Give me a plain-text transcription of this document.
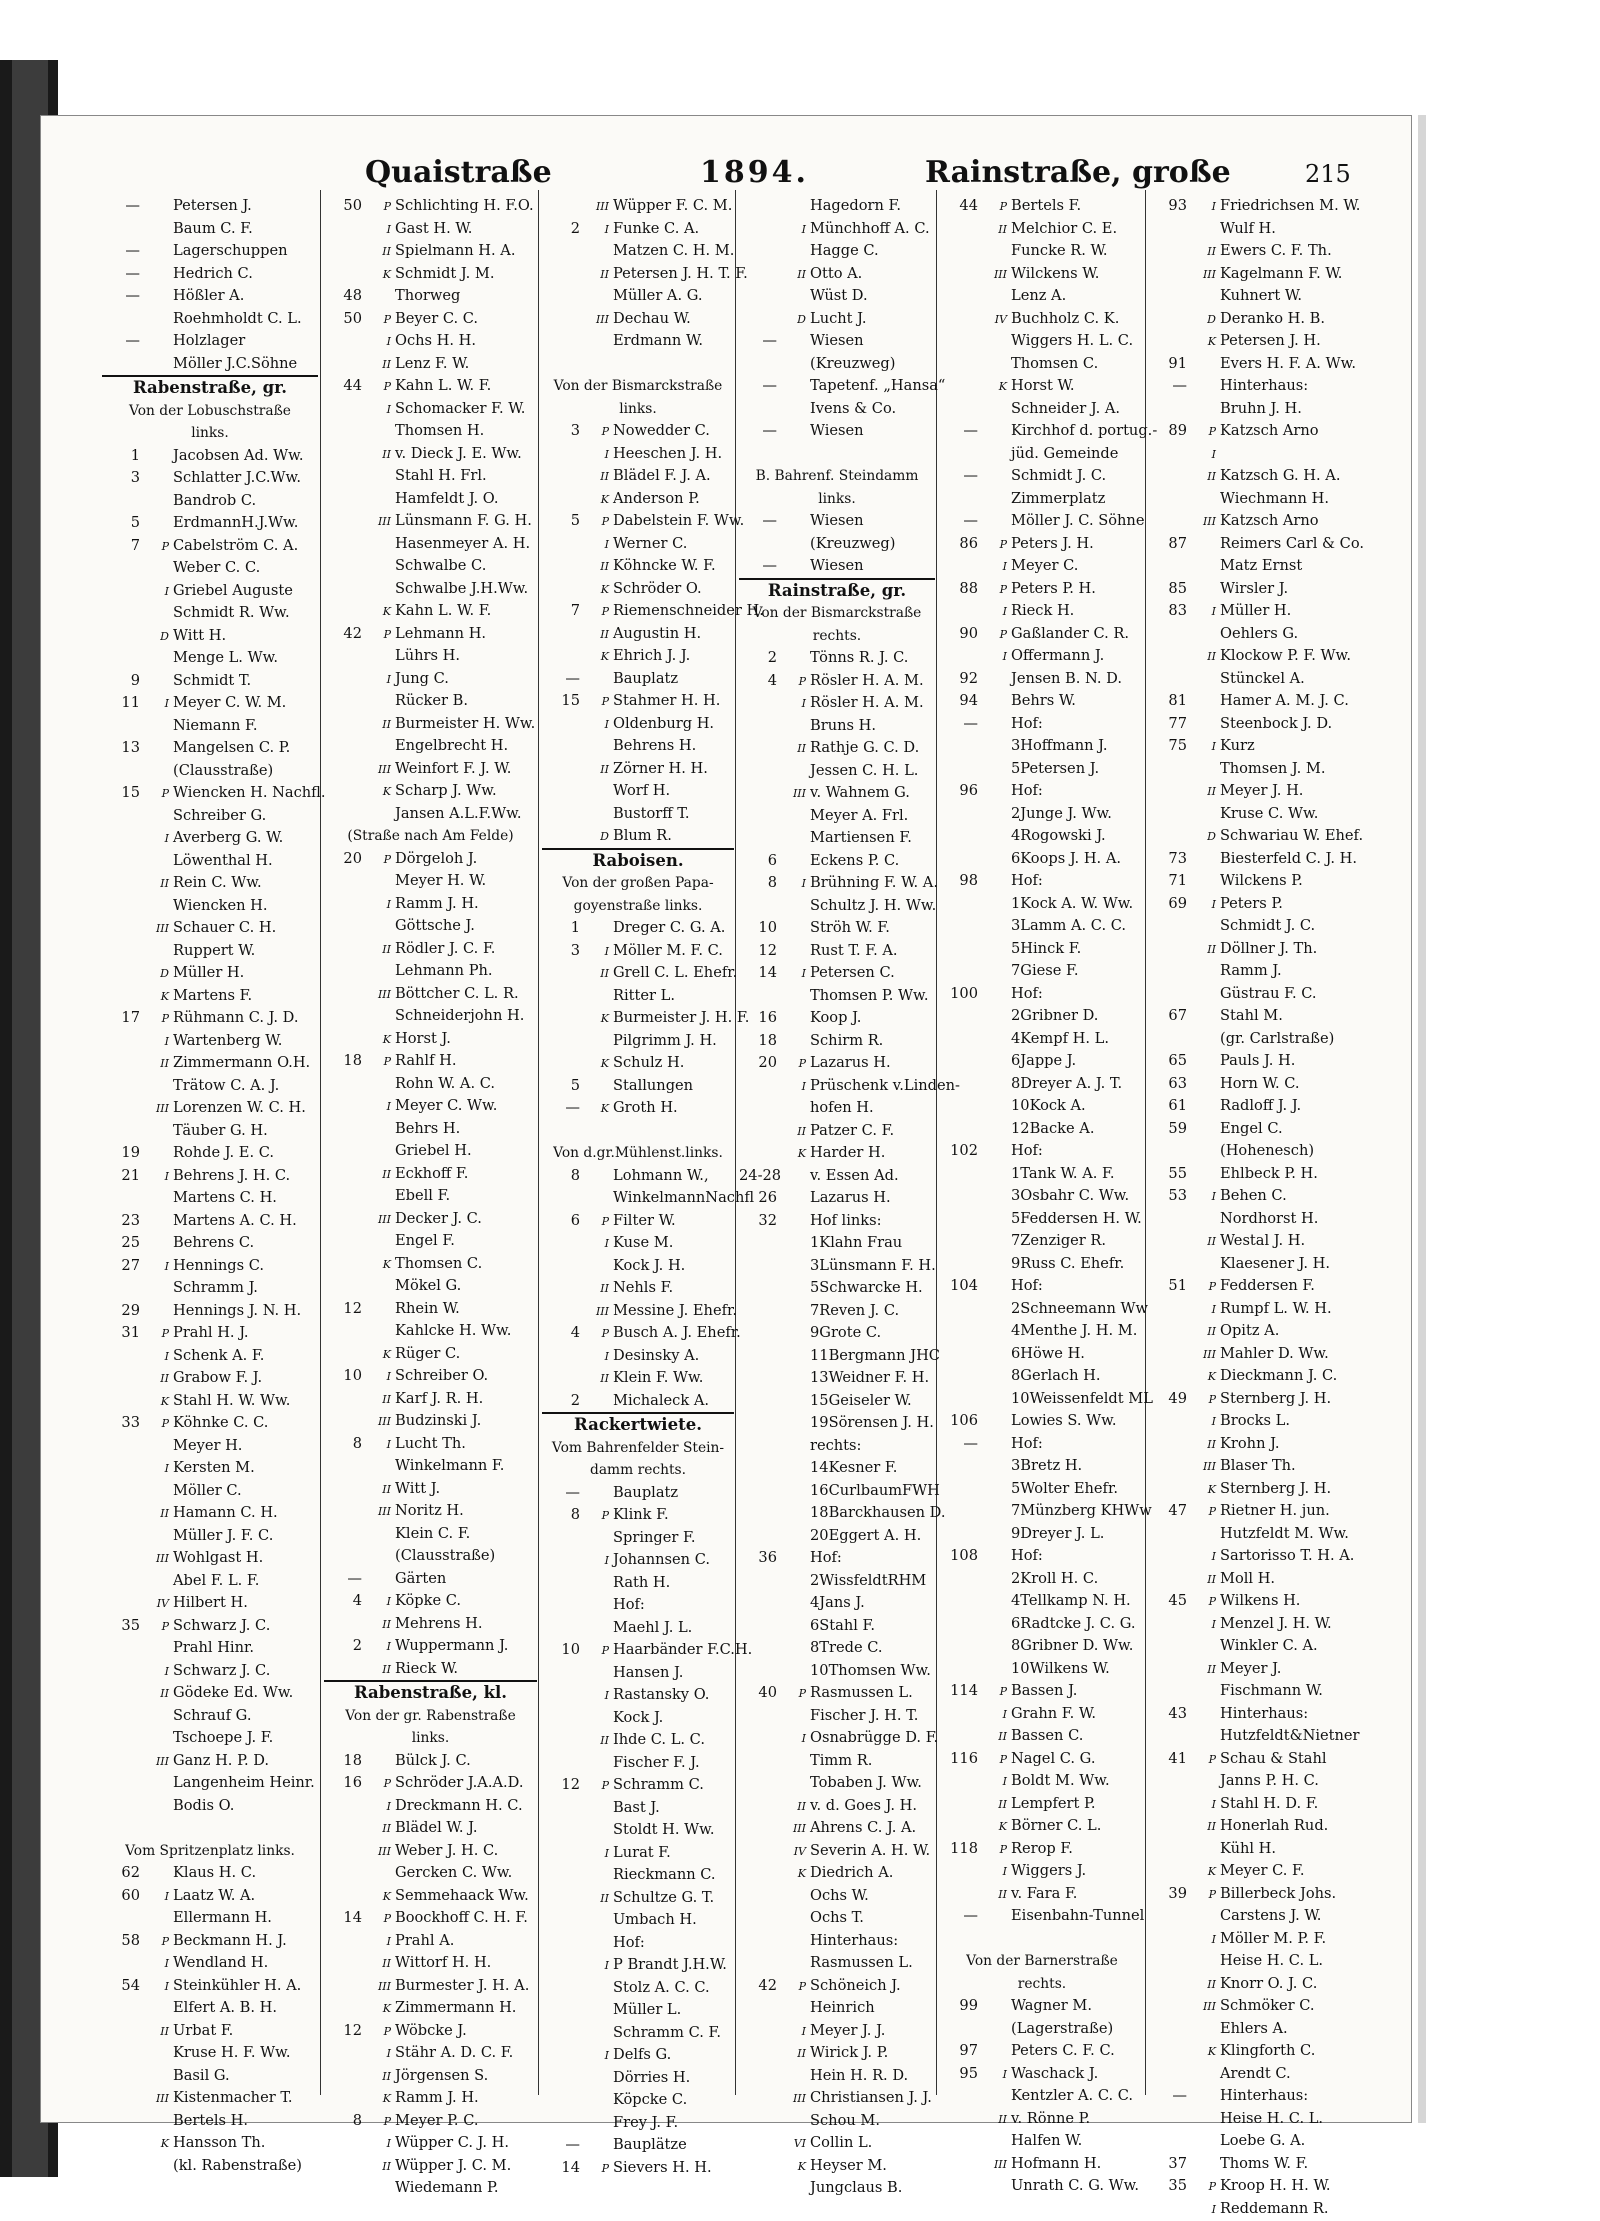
Quaistraße	1894.	Rainstraße, große	215
— Petersen J.
Baum C. F.
— Lagerschuppen
— Hedrich C.
— Hößler A.
Roehmholdt C. L.
— Holzlager
Möller J.C.Söhne
Rabenstraße, gr.
Von der Lobuschstraße
links.
1 Jacobsen Ad. Ww.
3 Schlatter J.C.Ww.
Bandrob C.
5 ErdmannH.J.Ww.
7 P Cabelström C. A.
Weber C. C.
I Griebel Auguste
Schmidt R. Ww.
D Witt H.
Menge L. Ww.
9 Schmidt T.
11 I Meyer C. W. M.
Niemann F.
13 Mangelsen C. P.
(Clausstraße)
15 P Wiencken H. Nachfl.
Schreiber G.
I Averberg G. W.
Löwenthal H.
II Rein C. Ww.
Wiencken H.
III Schauer C. H.
Ruppert W.
D Müller H.
K Martens F.
17 P Rühmann C. J. D.
I Wartenberg W.
II Zimmermann O.H.
Trätow C. A. J.
III Lorenzen W. C. H.
Täuber G. H.
19 Rohde J. E. C.
21 I Behrens J. H. C.
Martens C. H.
23 Martens A. C. H.
25 Behrens C.
27 I Hennings C.
Schramm J.
29 Hennings J. N. H.
31 P Prahl H. J.
I Schenk A. F.
II Grabow F. J.
K Stahl H. W. Ww.
33 P Köhnke C. C.
Meyer H.
I Kersten M.
Möller C.
II Hamann C. H.
Müller J. F. C.
III Wohlgast H.
Abel F. L. F.
IV Hilbert H.
35 P Schwarz J. C.
Prahl Hinr.
I Schwarz J. C.
II Gödeke Ed. Ww.
Schrauf G.
Tschoepe J. F.
III Ganz H. P. D.
Langenheim Heinr.
Bodis O.
Vom Spritzenplatz links.
62 Klaus H. C.
60 I Laatz W. A.
Ellermann H.
58 P Beckmann H. J.
I Wendland H.
54 I Steinkühler H. A.
Elfert A. B. H.
II Urbat F.
Kruse H. F. Ww.
Basil G.
III Kistenmacher T.
Bertels H.
K Hansson Th.
(kl. Rabenstraße)
50 P Schlichting H. F.O.
I Gast H. W.
II Spielmann H. A.
K Schmidt J. M.
48 Thorweg
50 P Beyer C. C.
I Ochs H. H.
II Lenz F. W.
44 P Kahn L. W. F.
I Schomacker F. W.
Thomsen H.
II v. Dieck J. E. Ww.
Stahl H. Frl.
Hamfeldt J. O.
III Lünsmann F. G. H.
Hasenmeyer A. H.
Schwalbe C.
Schwalbe J.H.Ww.
K Kahn L. W. F.
42 P Lehmann H.
Lührs H.
I Jung C.
Rücker B.
II Burmeister H. Ww.
Engelbrecht H.
III Weinfort F. J. W.
K Scharp J. Ww.
Jansen A.L.F.Ww.
(Straße nach Am Felde)
20 P Dörgeloh J.
Meyer H. W.
I Ramm J. H.
Göttsche J.
II Rödler J. C. F.
Lehmann Ph.
III Böttcher C. L. R.
Schneiderjohn H.
K Horst J.
18 P Rahlf H.
Rohn W. A. C.
I Meyer C. Ww.
Behrs H.
Griebel H.
II Eckhoff F.
Ebell F.
III Decker J. C.
Engel F.
K Thomsen C.
Mökel G.
12 Rhein W.
Kahlcke H. Ww.
K Rüger C.
10 I Schreiber O.
II Karf J. R. H.
III Budzinski J.
8 I Lucht Th.
Winkelmann F.
II Witt J.
III Noritz H.
Klein C. F.
(Clausstraße)
— Gärten
4 I Köpke C.
II Mehrens H.
2 I Wuppermann J.
II Rieck W.
Rabenstraße, kl.
Von der gr. Rabenstraße
links.
18 Bülck J. C.
16 P Schröder J.A.A.D.
I Dreckmann H. C.
II Blädel W. J.
III Weber J. H. C.
Gercken C. Ww.
K Semmehaack Ww.
14 P Boockhoff C. H. F.
I Prahl A.
II Wittorf H. H.
III Burmester J. H. A.
K Zimmermann H.
12 P Wöbcke J.
I Stähr A. D. C. F.
II Jörgensen S.
K Ramm J. H.
8 P Meyer P. C.
I Wüpper C. J. H.
II Wüpper J. C. M.
Wiedemann P.
III Wüpper F. C. M.
2 I Funke C. A.
Matzen C. H. M.
II Petersen J. H. T. F.
Müller A. G.
III Dechau W.
Erdmann W.
Von der Bismarckstraße
links.
3 P Nowedder C.
I Heeschen J. H.
II Blädel F. J. A.
K Anderson P.
5 P Dabelstein F. Ww.
I Werner C.
II Köhncke W. F.
K Schröder O.
7 P Riemenschneider H.
II Augustin H.
K Ehrich J. J.
— Bauplatz
15 P Stahmer H. H.
I Oldenburg H.
Behrens H.
II Zörner H. H.
Worf H.
Bustorff T.
D Blum R.
Raboisen.
Von der großen Papa-
goyenstraße links.
1 Dreger C. G. A.
3 I Möller M. F. C.
II Grell C. L. Ehefr.
Ritter L.
K Burmeister J. H. F.
Pilgrimm J. H.
K Schulz H.
5 Stallungen
— K Groth H.
Von d.gr.Mühlenst.links.
8 Lohmann W.,
WinkelmannNachfl
6 P Filter W.
I Kuse M.
Kock J. H.
II Nehls F.
III Messine J. Ehefr.
4 P Busch A. J. Ehefr.
I Desinsky A.
II Klein F. Ww.
2 Michaleck A.
Rackertwiete.
Vom Bahrenfelder Stein-
damm rechts.
— Bauplatz
8 P Klink F.
Springer F.
I Johannsen C.
Rath H.
Hof:
Maehl J. L.
10 P Haarbänder F.C.H.
Hansen J.
I Rastansky O.
Kock J.
II Ihde C. L. C.
Fischer F. J.
12 P Schramm C.
Bast J.
Stoldt H. Ww.
I Lurat F.
Rieckmann C.
II Schultze G. T.
Umbach H.
Hof:
I P Brandt J.H.W.
Stolz A. C. C.
Müller L.
Schramm C. F.
I Delfs G.
Dörries H.
Köpcke C.
Frey J. F.
— Bauplätze
14 P Sievers H. H.
Hagedorn F.
I Münchhoff A. C.
Hagge C.
II Otto A.
Wüst D.
D Lucht J.
— Wiesen
(Kreuzweg)
— Tapetenf. „Hansa“
Ivens & Co.
— Wiesen
B. Bahrenf. Steindamm
links.
— Wiesen
(Kreuzweg)
— Wiesen
Rainstraße, gr.
Von der Bismarckstraße
rechts.
2 Tönns R. J. C.
4 P Rösler H. A. M.
I Rösler H. A. M.
Bruns H.
II Rathje G. C. D.
Jessen C. H. L.
III v. Wahnem G.
Meyer A. Frl.
Martiensen F.
6 Eckens P. C.
8 I Brühning F. W. A.
Schultz J. H. Ww.
10 Ströh W. F.
12 Rust T. F. A.
14 I Petersen C.
Thomsen P. Ww.
16 Koop J.
18 Schirm R.
20 P Lazarus H.
I Prüschenk v.Linden-
hofen H.
II Patzer C. F.
K Harder H.
24-28 v. Essen Ad.
26 Lazarus H.
32 Hof links:
1Klahn Frau
3Lünsmann F. H.
5Schwarcke H.
7Reven J. C.
9Grote C.
11Bergmann JHC
13Weidner F. H.
15Geiseler W.
19Sörensen J. H.
rechts:
14Kesner F.
16CurlbaumFWH
18Barckhausen D.
20Eggert A. H.
36 Hof:
2WissfeldtRHM
4Jans J.
6Stahl F.
8Trede C.
10Thomsen Ww.
40 P Rasmussen L.
Fischer J. H. T.
I Osnabrügge D. F.
Timm R.
Tobaben J. Ww.
II v. d. Goes J. H.
III Ahrens C. J. A.
IV Severin A. H. W.
K Diedrich A.
Ochs W.
Ochs T.
Hinterhaus:
Rasmussen L.
42 P Schöneich J.
Heinrich
I Meyer J. J.
II Wirick J. P.
Hein H. R. D.
III Christiansen J. J.
Schou M.
VI Collin L.
K Heyser M.
Jungclaus B.
44 P Bertels F.
II Melchior C. E.
Funcke R. W.
III Wilckens W.
Lenz A.
IV Buchholz C. K.
Wiggers H. L. C.
Thomsen C.
K Horst W.
Schneider J. A.
— Kirchhof d. portug.-
jüd. Gemeinde
— Schmidt J. C.
Zimmerplatz
— Möller J. C. Söhne
86 P Peters J. H.
I Meyer C.
88 P Peters P. H.
I Rieck H.
90 P Gaßlander C. R.
I Offermann J.
92 Jensen B. N. D.
94 Behrs W.
— Hof:
3Hoffmann J.
5Petersen J.
96 Hof:
2Junge J. Ww.
4Rogowski J.
6Koops J. H. A.
98 Hof:
1Kock A. W. Ww.
3Lamm A. C. C.
5Hinck F.
7Giese F.
100 Hof:
2Gribner D.
4Kempf H. L.
6Jappe J.
8Dreyer A. J. T.
10Kock A.
12Backe A.
102 Hof:
1Tank W. A. F.
3Osbahr C. Ww.
5Feddersen H. W.
7Zenziger R.
9Russ C. Ehefr.
104 Hof:
2Schneemann Ww
4Menthe J. H. M.
6Höwe H.
8Gerlach H.
10Weissenfeldt ML
106 Lowies S. Ww.
— Hof:
3Bretz H.
5Wolter Ehefr.
7Münzberg KHWw
9Dreyer J. L.
108 Hof:
2Kroll H. C.
4Tellkamp N. H.
6Radtcke J. C. G.
8Gribner D. Ww.
10Wilkens W.
114 P Bassen J.
I Grahn F. W.
II Bassen C.
116 P Nagel C. G.
I Boldt M. Ww.
II Lempfert P.
K Börner C. L.
118 P Rerop F.
I Wiggers J.
II v. Fara F.
— Eisenbahn-Tunnel
Von der Barnerstraße
rechts.
99 Wagner M.
(Lagerstraße)
97 Peters C. F. C.
95 I Waschack J.
Kentzler A. C. C.
II v. Rönne P.
Halfen W.
III Hofmann H.
Unrath C. G. Ww.
93 I Friedrichsen M. W.
Wulf H.
II Ewers C. F. Th.
III Kagelmann F. W.
Kuhnert W.
D Deranko H. B.
K Petersen J. H.
91 Evers H. F. A. Ww.
— Hinterhaus:
Bruhn J. H.
89 P Katzsch Arno
I
II Katzsch G. H. A.
Wiechmann H.
III Katzsch Arno
87 Reimers Carl & Co.
Matz Ernst
85 Wirsler J.
83 I Müller H.
Oehlers G.
II Klockow P. F. Ww.
Stünckel A.
81 Hamer A. M. J. C.
77 Steenbock J. D.
75 I Kurz
Thomsen J. M.
II Meyer J. H.
Kruse C. Ww.
D Schwariau W. Ehef.
73 Biesterfeld C. J. H.
71 Wilckens P.
69 I Peters P.
Schmidt J. C.
II Döllner J. Th.
Ramm J.
Güstrau F. C.
67 Stahl M.
(gr. Carlstraße)
65 Pauls J. H.
63 Horn W. C.
61 Radloff J. J.
59 Engel C.
(Hohenesch)
55 Ehlbeck P. H.
53 I Behen C.
Nordhorst H.
II Westal J. H.
Klaesener J. H.
51 P Feddersen F.
I Rumpf L. W. H.
II Opitz A.
III Mahler D. Ww.
K Dieckmann J. C.
49 P Sternberg J. H.
I Brocks L.
II Krohn J.
III Blaser Th.
K Sternberg J. H.
47 P Rietner H. jun.
Hutzfeldt M. Ww.
I Sartorisso T. H. A.
II Moll H.
45 P Wilkens H.
I Menzel J. H. W.
Winkler C. A.
II Meyer J.
Fischmann W.
43 Hinterhaus:
Hutzfeldt&Nietner
41 P Schau & Stahl
Janns P. H. C.
I Stahl H. D. F.
II Honerlah Rud.
Kühl H.
K Meyer C. F.
39 P Billerbeck Johs.
Carstens J. W.
I Möller M. P. F.
Heise H. C. L.
II Knorr O. J. C.
III Schmöker C.
Ehlers A.
K Klingforth C.
Arendt C.
— Hinterhaus:
Heise H. C. L.
Loebe G. A.
37 Thoms W. F.
35 P Kroop H. H. W.
I Reddemann R.
